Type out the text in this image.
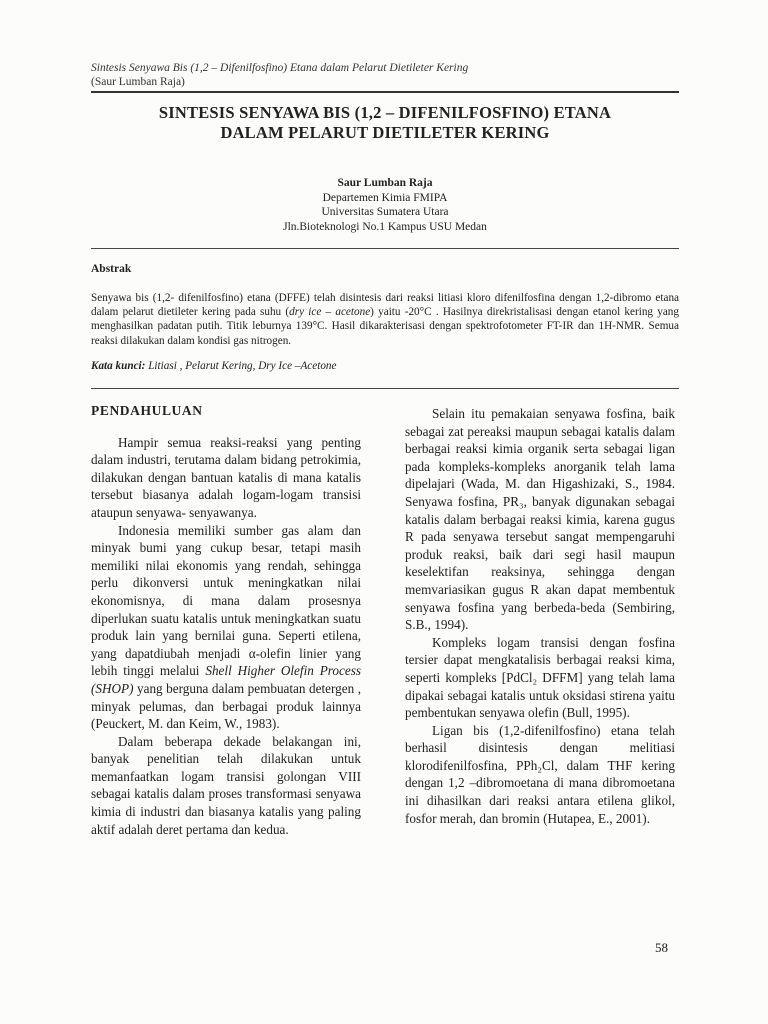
Sintesis Senyawa Bis (1,2 – Difenilfosfino) Etana dalam Pelarut Dietileter Kering
(Saur Lumban Raja)
SINTESIS SENYAWA BIS (1,2 – DIFENILFOSFINO) ETANA
DALAM PELARUT DIETILETER KERING
Saur Lumban Raja
Departemen Kimia FMIPA
Universitas Sumatera Utara
Jln.Bioteknologi No.1 Kampus USU Medan
Abstrak
Senyawa bis (1,2- difenilfosfino) etana (DFFE) telah disintesis dari reaksi litiasi kloro difenilfosfina dengan 1,2-dibromo etana dalam pelarut dietileter kering pada suhu (dry ice – acetone) yaitu -20°C . Hasilnya direkristalisasi dengan etanol kering yang menghasilkan padatan putih. Titik leburnya 139°C. Hasil dikarakterisasi dengan spektrofotometer FT-IR dan 1H-NMR. Semua reaksi dilakukan dalam kondisi gas nitrogen.
Kata kunci: Litiasi , Pelarut Kering, Dry Ice –Acetone
PENDAHULUAN

Hampir semua reaksi-reaksi yang penting dalam industri, terutama dalam bidang petrokimia, dilakukan dengan bantuan katalis di mana katalis tersebut biasanya adalah logam-logam transisi ataupun senyawa- senyawanya.

Indonesia memiliki sumber gas alam dan minyak bumi yang cukup besar, tetapi masih memiliki nilai ekonomis yang rendah, sehingga perlu dikonversi untuk meningkatkan nilai ekonomisnya, di mana dalam prosesnya diperlukan suatu katalis untuk meningkatkan suatu produk lain yang bernilai guna. Seperti etilena, yang dapatdiubah menjadi α-olefin linier yang lebih tinggi melalui Shell Higher Olefin Process (SHOP) yang berguna dalam pembuatan detergen , minyak pelumas, dan berbagai produk lainnya (Peuckert, M. dan Keim, W., 1983).

Dalam beberapa dekade belakangan ini, banyak penelitian telah dilakukan untuk memanfaatkan logam transisi golongan VIII sebagai katalis dalam proses transformasi senyawa kimia di industri dan biasanya katalis yang paling aktif adalah deret pertama dan kedua.

Selain itu pemakaian senyawa fosfina, baik sebagai zat pereaksi maupun sebagai katalis dalam berbagai reaksi kimia organik serta sebagai ligan pada kompleks-kompleks anorganik telah lama dipelajari (Wada, M. dan Higashizaki, S., 1984. Senyawa fosfina, PR₃, banyak digunakan sebagai katalis dalam berbagai reaksi kimia, karena gugus R pada senyawa tersebut sangat mempengaruhi produk reaksi, baik dari segi hasil maupun keselektifan reaksinya, sehingga dengan memvariasikan gugus R akan dapat membentuk senyawa fosfina yang berbeda-beda (Sembiring, S.B., 1994).

Kompleks logam transisi dengan fosfina tersier dapat mengkatalisis berbagai reaksi kima, seperti kompleks [PdCl₂ DFFM] yang telah lama dipakai sebagai katalis untuk oksidasi stirena yaitu pembentukan senyawa olefin (Bull, 1995).

Ligan bis (1,2-difenilfosfino) etana telah berhasil disintesis dengan melitiasi klorodifenilfosfina, PPh₂Cl, dalam THF kering dengan 1,2 –dibromoetana di mana dibromoetana ini dihasilkan dari reaksi antara etilena glikol, fosfor merah, dan bromin (Hutapea, E., 2001).

58
